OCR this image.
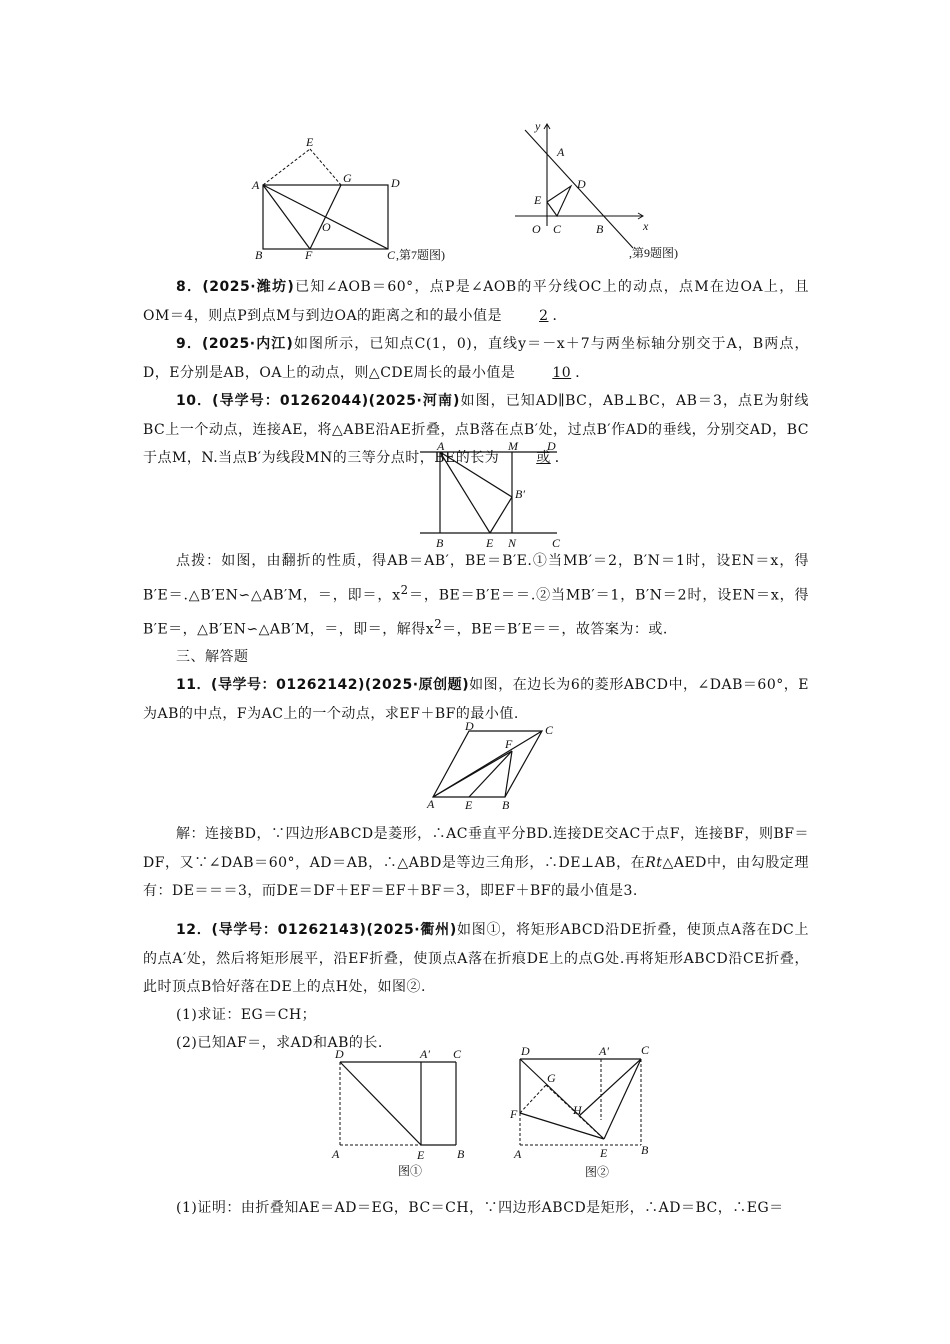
E
A	G	D
O
B	F	C ,第7题图)
y
A
D
E
O C	B	x
,第9题图)
8．(2025·潍坊)已知∠AOB＝60°，点P是∠AOB的平分线OC上的动点，点M在边OA上，且OM＝4，则点P到点M与到边OA的距离之和的最小值是	2 ．
9．(2025·内江)如图所示，已知点C(1，0)，直线y＝－x＋7与两坐标轴分别交于A，B两点，D，E分别是AB，OA上的动点，则△CDE周长的最小值是	10 ．
10．(导学号：01262044)(2025·河南)如图，已知AD∥BC，AB⊥BC，AB＝3，点E为射线BC上一个动点，连接AE，将△ABE沿AE折叠，点B落在点B′处，过点B′作AD的垂线，分别交AD，BC于点M，N.当点B′为线段MN的三等分点时，BE的长为	或 ．
A	M D
B′
B	E N	C
点拨：如图，由翻折的性质，得AB＝AB′，BE＝B′E.①当MB′＝2，B′N＝1时，设EN＝x，得B′E＝.△B′EN∽△AB′M，＝，即＝，$x^2=$，BE＝B′E＝＝.②当MB′＝1，B′N＝2时，设EN＝x，得B′E＝，△B′EN∽△AB′M，＝，即＝，解得$x^2=$，BE＝B′E＝＝，故答案为：或.
三、解答题
11．(导学号：01262142)(2025·原创题)如图，在边长为6的菱形ABCD中，∠DAB＝60°，E为AB的中点，F为AC上的一个动点，求EF＋BF的最小值.
D	C
F
A	E B
解：连接BD，∵四边形ABCD是菱形，∴AC垂直平分BD.连接DE交AC于点F，连接BF，则BF＝DF，又∵∠DAB＝60°，AD＝AB，∴△ABD是等边三角形，∴DE⊥AB，在Rt△AED中，由勾股定理有：DE＝＝＝3，而DE＝DF＋EF＝EF＋BF＝3，即EF＋BF的最小值是3.
12．(导学号：01262143)(2025·衢州)如图①，将矩形ABCD沿DE折叠，使顶点A落在DC上的点A′处，然后将矩形展平，沿EF折叠，使顶点A落在折痕DE上的点G处.再将矩形ABCD沿CE折叠，此时顶点B恰好落在DE上的点H处，如图②.
(1)求证：EG＝CH；
(2)已知AF＝，求AD和AB的长.
D	A′ C
A	E	B
图①
D	A′	C
G
H
F
A	E	B
图②
(1)证明：由折叠知AE＝AD＝EG，BC＝CH，∵四边形ABCD是矩形，∴AD＝BC，∴EG＝
